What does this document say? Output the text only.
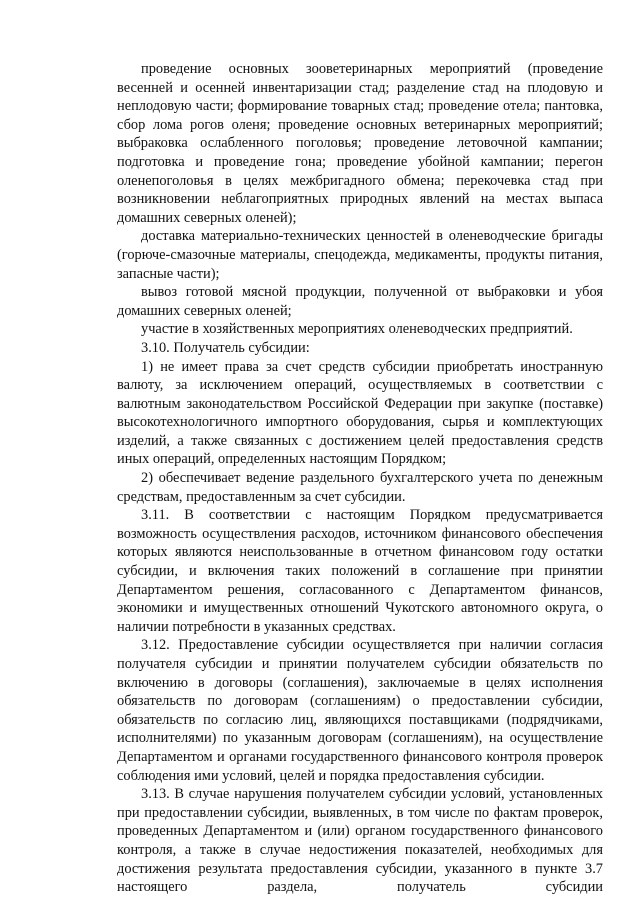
проведение основных зооветеринарных мероприятий (проведение весенней и осенней инвентаризации стад; разделение стад на плодовую и неплодовую части; формирование товарных стад; проведение отела; пантовка, сбор лома рогов оленя; проведение основных ветеринарных мероприятий; выбраковка ослабленного поголовья; проведение летовочной кампании; подготовка и проведение гона; проведение убойной кампании; перегон оленепоголовья в целях межбригадного обмена; перекочевка стад при возникновении неблагоприятных природных явлений на местах выпаса домашних северных оленей);

доставка материально-технических ценностей в оленеводческие бригады (горюче-смазочные материалы, спецодежда, медикаменты, продукты питания, запасные части);

вывоз готовой мясной продукции, полученной от выбраковки и убоя домашних северных оленей;

участие в хозяйственных мероприятиях оленеводческих предприятий.

3.10. Получатель субсидии:

1) не имеет права за счет средств субсидии приобретать иностранную валюту, за исключением операций, осуществляемых в соответствии с валютным законодательством Российской Федерации при закупке (поставке) высокотехнологичного импортного оборудования, сырья и комплектующих изделий, а также связанных с достижением целей предоставления средств иных операций, определенных настоящим Порядком;

2) обеспечивает ведение раздельного бухгалтерского учета по денежным средствам, предоставленным за счет субсидии.

3.11. В соответствии с настоящим Порядком предусматривается возможность осуществления расходов, источником финансового обеспечения которых являются неиспользованные в отчетном финансовом году остатки субсидии, и включения таких положений в соглашение при принятии Департаментом решения, согласованного с Департаментом финансов, экономики и имущественных отношений Чукотского автономного округа, о наличии потребности в указанных средствах.

3.12. Предоставление субсидии осуществляется при наличии согласия получателя субсидии и принятии получателем субсидии обязательств по включению в договоры (соглашения), заключаемые в целях исполнения обязательств по договорам (соглашениям) о предоставлении субсидии, обязательств по согласию лиц, являющихся поставщиками (подрядчиками, исполнителями) по указанным договорам (соглашениям), на осуществление Департаментом и органами государственного финансового контроля проверок соблюдения ими условий, целей и порядка предоставления субсидии.

3.13. В случае нарушения получателем субсидии условий, установленных при предоставлении субсидии, выявленных, в том числе по фактам проверок, проведенных Департаментом и (или) органом государственного финансового контроля, а также в случае недостижения показателей, необходимых для достижения результата предоставления субсидии, указанного в пункте 3.7 настоящего раздела, получатель субсидии
